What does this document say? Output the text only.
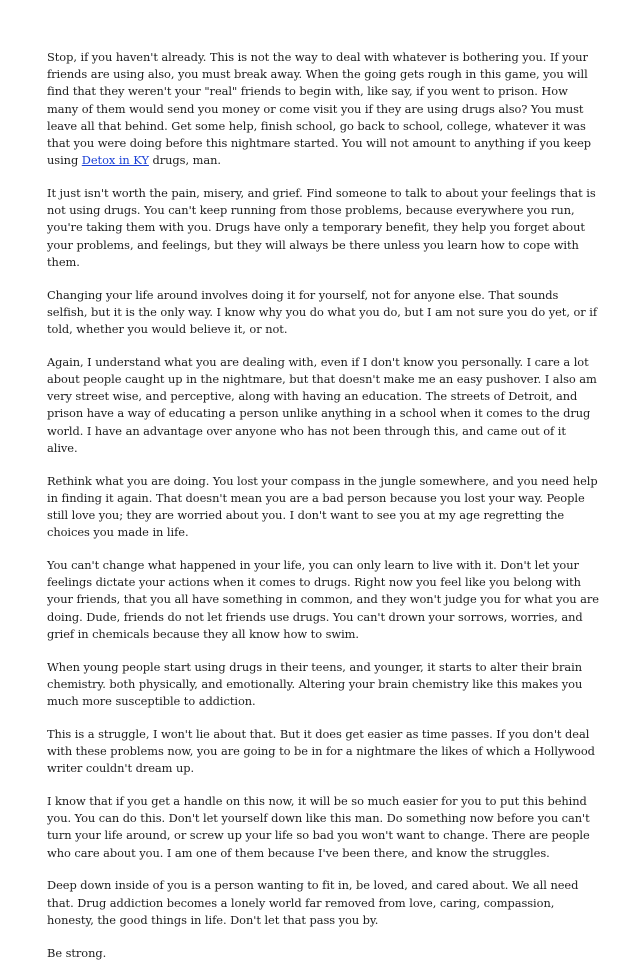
Stop, if you haven't already. This is not the way to deal with whatever is bothering you. If your friends are using also, you must break away. When the going gets rough in this game, you will find that they weren't your "real" friends to begin with, like say, if you went to prison. How many of them would send you money or come visit you if they are using drugs also? You must leave all that behind. Get some help, finish school, go back to school, college, whatever it was that you were doing before this nightmare started. You will not amount to anything if you keep using Detox in KY drugs, man.

It just isn't worth the pain, misery, and grief. Find someone to talk to about your feelings that is not using drugs. You can't keep running from those problems, because everywhere you run, you're taking them with you. Drugs have only a temporary benefit, they help you forget about your problems, and feelings, but they will always be there unless you learn how to cope with them.

Changing your life around involves doing it for yourself, not for anyone else. That sounds selfish, but it is the only way. I know why you do what you do, but I am not sure you do yet, or if told, whether you would believe it, or not.

Again, I understand what you are dealing with, even if I don't know you personally. I care a lot about people caught up in the nightmare, but that doesn't make me an easy pushover. I also am very street wise, and perceptive, along with having an education. The streets of Detroit, and prison have a way of educating a person unlike anything in a school when it comes to the drug world. I have an advantage over anyone who has not been through this, and came out of it alive.

Rethink what you are doing. You lost your compass in the jungle somewhere, and you need help in finding it again. That doesn't mean you are a bad person because you lost your way. People still love you; they are worried about you. I don't want to see you at my age regretting the choices you made in life.

You can't change what happened in your life, you can only learn to live with it. Don't let your feelings dictate your actions when it comes to drugs. Right now you feel like you belong with your friends, that you all have something in common, and they won't judge you for what you are doing. Dude, friends do not let friends use drugs. You can't drown your sorrows, worries, and grief in chemicals because they all know how to swim.

When young people start using drugs in their teens, and younger, it starts to alter their brain chemistry. both physically, and emotionally. Altering your brain chemistry like this makes you much more susceptible to addiction.

This is a struggle, I won't lie about that. But it does get easier as time passes. If you don't deal with these problems now, you are going to be in for a nightmare the likes of which a Hollywood writer couldn't dream up.

I know that if you get a handle on this now, it will be so much easier for you to put this behind you. You can do this. Don't let yourself down like this man. Do something now before you can't turn your life around, or screw up your life so bad you won't want to change. There are people who care about you. I am one of them because I've been there, and know the struggles.

Deep down inside of you is a person wanting to fit in, be loved, and cared about. We all need that. Drug addiction becomes a lonely world far removed from love, caring, compassion, honesty, the good things in life. Don't let that pass you by.

Be strong.
